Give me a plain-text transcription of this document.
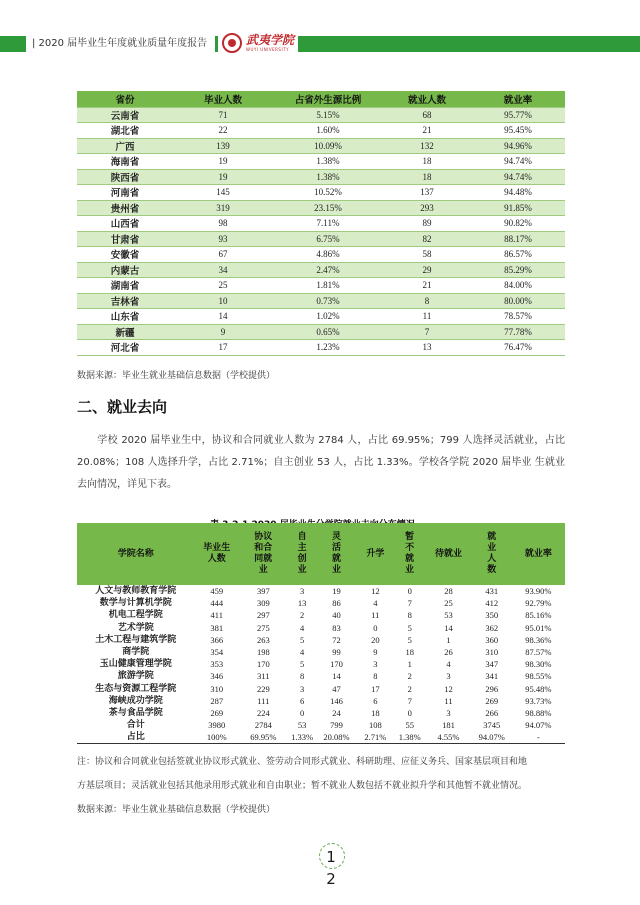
| 2020 届毕业生年度就业质量年度报告	武夷学院
WUYI UNIVERSITY
省份	毕业人数	占省外生源比例	就业人数	就业率
云南省	71	5.15%	68	95.77%
湖北省	22	1.60%	21	95.45%
广西	139	10.09%	132	94.96%
海南省	19	1.38%	18	94.74%
陕西省	19	1.38%	18	94.74%
河南省	145	10.52%	137	94.48%
贵州省	319	23.15%	293	91.85%
山西省	98	7.11%	89	90.82%
甘肃省	93	6.75%	82	88.17%
安徽省	67	4.86%	58	86.57%
内蒙古	34	2.47%	29	85.29%
湖南省	25	1.81%	21	84.00%
吉林省	10	0.73%	8	80.00%
山东省	14	1.02%	11	78.57%
新疆	9	0.65%	7	77.78%
河北省	17	1.23%	13	76.47%
数据来源：毕业生就业基础信息数据（学校提供）
二、就业去向
学校 2020 届毕业生中，协议和合同就业人数为 2784 人，占比 69.95%；799 人选择灵活就业，占比 20.08%；108 人选择升学，占比 2.71%；自主创业 53 人，占比 1.33%。学校各学院 2020 届毕业 生就业去向情况，详见下表。
学院名称	毕业生人数	协议和合同就业	自主创业	灵活就业	升学	暂不就业	待就业	就业人数	就业率
人文与教师教育学院	459	397	3	19	12	0	28	431	93.90%
数学与计算机学院	444	309	13	86	4	7	25	412	92.79%
机电工程学院	411	297	2	40	11	8	53	350	85.16%
艺术学院	381	275	4	83	0	5	14	362	95.01%
土木工程与建筑学院	366	263	5	72	20	5	1	360	98.36%
商学院	354	198	4	99	9	18	26	310	87.57%
玉山健康管理学院	353	170	5	170	3	1	4	347	98.30%
旅游学院	346	311	8	14	8	2	3	341	98.55%
生态与资源工程学院	310	229	3	47	17	2	12	296	95.48%
海峡成功学院	287	111	6	146	6	7	11	269	93.73%
茶与食品学院	269	224	0	24	18	0	3	266	98.88%
合计	3980	2784	53	799	108	55	181	3745	94.07%
占比	100%	69.95%	1.33%	20.08%	2.71%	1.38%	4.55%	94.07%	-
注：协议和合同就业包括签就业协议形式就业、签劳动合同形式就业、科研助理、应征义务兵、国家基层项目和地
方基层项目；灵活就业包括其他录用形式就业和自由职业；暂不就业人数包括不就业拟升学和其他暂不就业情况。
数据来源：毕业生就业基础信息数据（学校提供）
1
2
